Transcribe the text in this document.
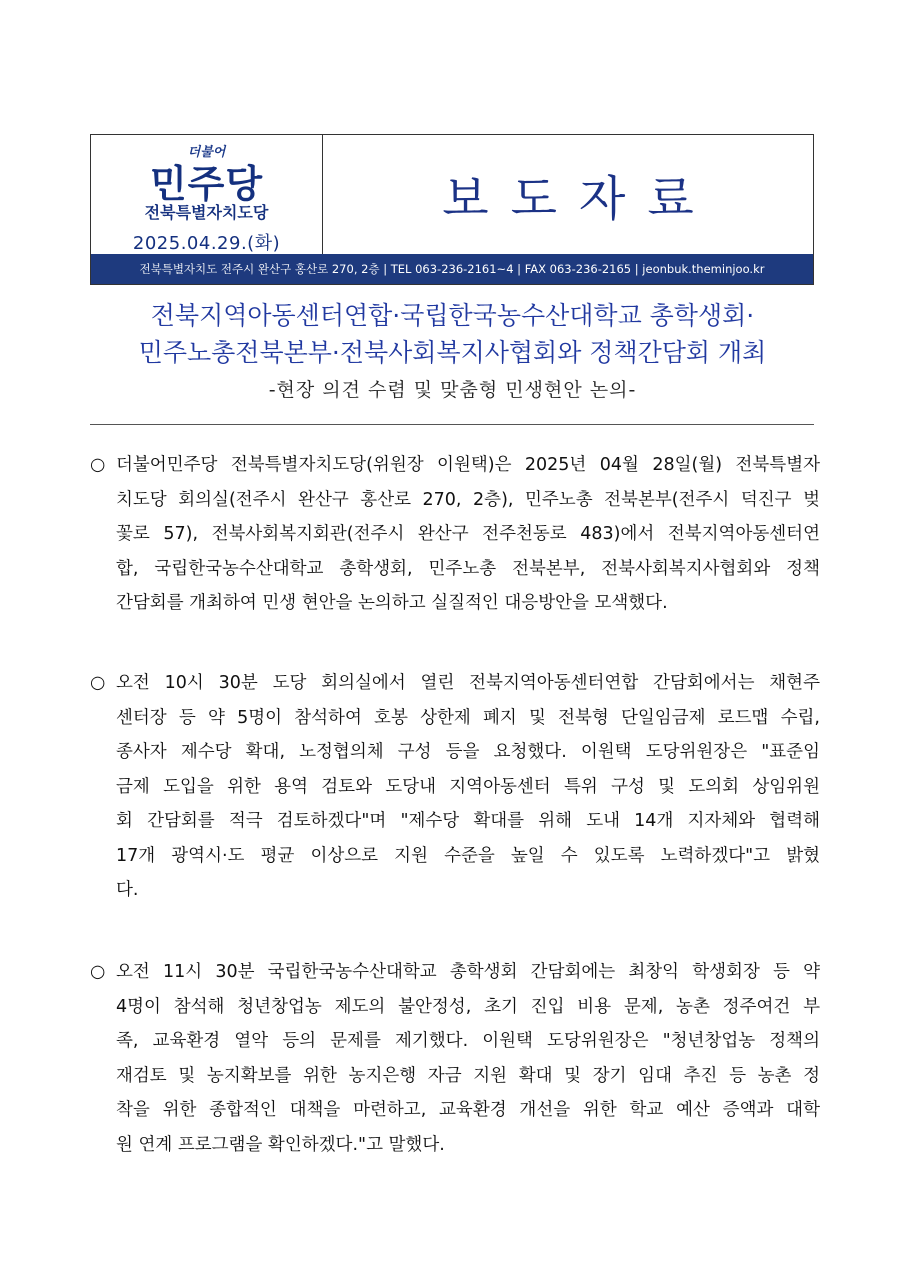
더불어
민주당
전북특별자치도당
2025.04.29.(화)
보도자료
전북특별자치도 전주시 완산구 홍산로 270, 2층 | TEL 063-236-2161~4 | FAX 063-236-2165 | jeonbuk.theminjoo.kr
전북지역아동센터연합·국립한국농수산대학교 총학생회·
민주노총전북본부·전북사회복지사협회와 정책간담회 개최
-현장 의견 수렴 및 맞춤형 민생현안 논의-
○ 더불어민주당 전북특별자치도당(위원장 이원택)은 2025년 04월 28일(월) 전북특별자
치도당 회의실(전주시 완산구 홍산로 270, 2층), 민주노총 전북본부(전주시 덕진구 벚
꽃로 57), 전북사회복지회관(전주시 완산구 전주천동로 483)에서 전북지역아동센터연
합, 국립한국농수산대학교 총학생회, 민주노총 전북본부, 전북사회복지사협회와 정책
간담회를 개최하여 민생 현안을 논의하고 실질적인 대응방안을 모색했다.
○ 오전 10시 30분 도당 회의실에서 열린 전북지역아동센터연합 간담회에서는 채현주
센터장 등 약 5명이 참석하여 호봉 상한제 폐지 및 전북형 단일임금제 로드맵 수립,
종사자 제수당 확대, 노정협의체 구성 등을 요청했다. 이원택 도당위원장은 "표준임
금제 도입을 위한 용역 검토와 도당내 지역아동센터 특위 구성 및 도의회 상임위원
회 간담회를 적극 검토하겠다"며 "제수당 확대를 위해 도내 14개 지자체와 협력해
17개 광역시·도 평균 이상으로 지원 수준을 높일 수 있도록 노력하겠다"고 밝혔
다.
○ 오전 11시 30분 국립한국농수산대학교 총학생회 간담회에는 최창익 학생회장 등 약
4명이 참석해 청년창업농 제도의 불안정성, 초기 진입 비용 문제, 농촌 정주여건 부
족, 교육환경 열악 등의 문제를 제기했다. 이원택 도당위원장은 "청년창업농 정책의
재검토 및 농지확보를 위한 농지은행 자금 지원 확대 및 장기 임대 추진 등 농촌 정
착을 위한 종합적인 대책을 마련하고, 교육환경 개선을 위한 학교 예산 증액과 대학
원 연계 프로그램을 확인하겠다."고 말했다.
